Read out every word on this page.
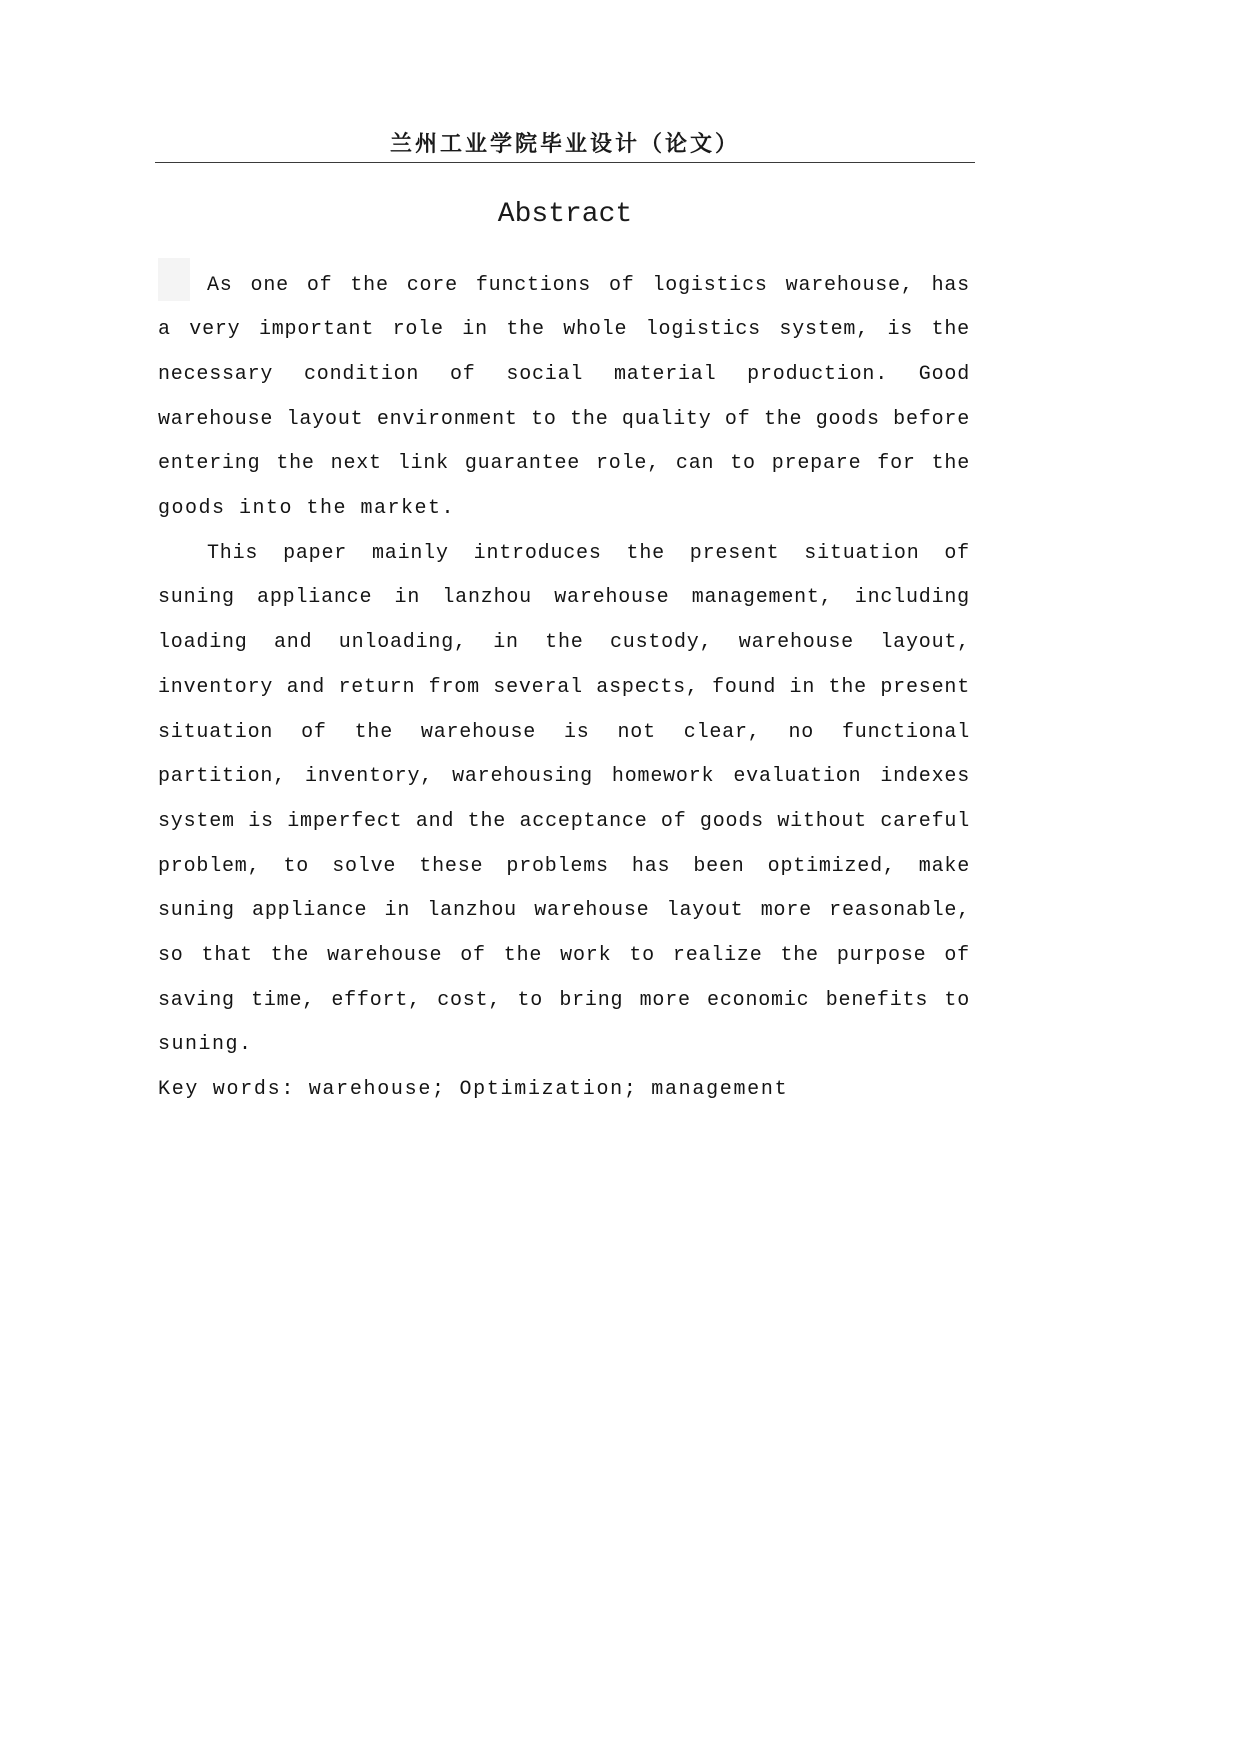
兰州工业学院毕业设计（论文）
Abstract
As one of the core functions of logistics warehouse, has
a very important role in the whole logistics system, is the
necessary condition of social material production. Good
warehouse layout environment to the quality of the goods before
entering the next link guarantee role, can to prepare for the
goods into the market.
This paper mainly introduces the present situation of
suning appliance in lanzhou warehouse management, including
loading and unloading, in the custody, warehouse layout,
inventory and return from several aspects, found in the present
situation of the warehouse is not clear, no functional
partition, inventory, warehousing homework evaluation indexes
system is imperfect and the acceptance of goods without careful
problem, to solve these problems has been optimized, make
suning appliance in lanzhou warehouse layout more reasonable,
so that the warehouse of the work to realize the purpose of
saving time, effort, cost, to bring more economic benefits to
suning.
Key words: warehouse; Optimization; management
